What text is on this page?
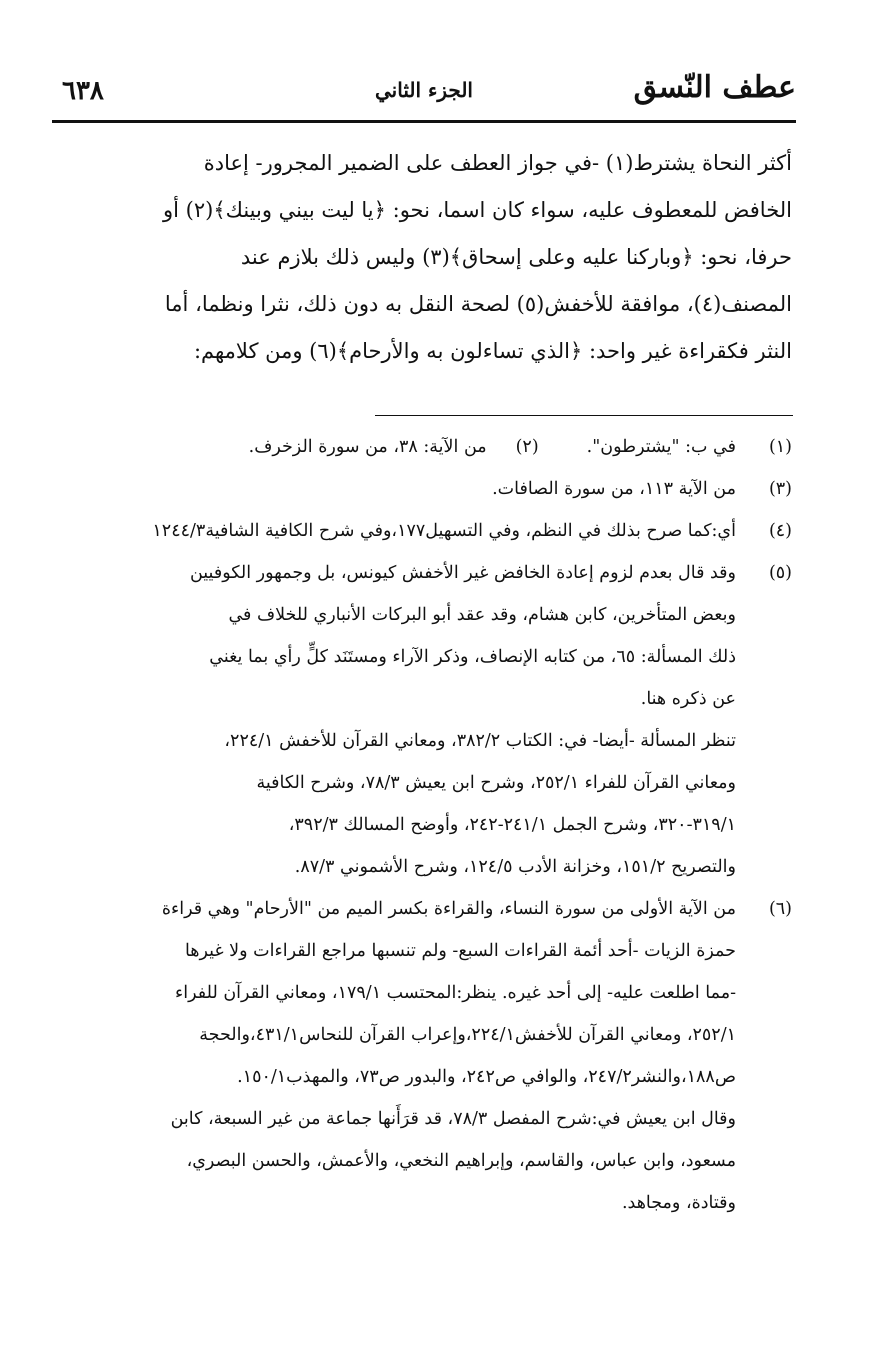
عطف النّسق
الجزء الثاني
٦٣٨

أكثر النحاة يشترط(١) -في جواز العطف على الضمير المجرور- إعادة

الخافض للمعطوف عليه، سواء كان اسما، نحو: ﴿يا ليت بيني وبينك﴾(٢) أو

حرفا، نحو: ﴿وباركنا عليه وعلى إسحاق﴾(٣) وليس ذلك بلازم عند

المصنف(٤)، موافقة للأخفش(٥) لصحة النقل به دون ذلك، نثرا ونظما، أما

النثر فكقراءة غير واحد: ﴿الذي تساءلون به والأرحام﴾(٦) ومن كلامهم:

(١)
في ب: "يشترطون".
(٢)
من الآية: ٣٨، من سورة الزخرف.
(٣)
من الآية ١١٣، من سورة الصافات.
(٤)
أي:كما صرح بذلك في النظم، وفي التسهيل١٧٧،وفي شرح الكافية الشافية١٢٤٤/٣
(٥)
وقد قال بعدم لزوم إعادة الخافض غير الأخفش كيونس، بل وجمهور الكوفيين

وبعض المتأخرين، كابن هشام، وقد عقد أبو البركات الأنباري للخلاف في

ذلك المسألة: ٦٥، من كتابه الإنصاف، وذكر الآراء ومستَنَد كلٍّ رأي بما يغني

عن ذكره هنا.

تنظر المسألة -أيضا- في: الكتاب ٣٨٢/٢، ومعاني القرآن للأخفش ٢٢٤/١،

ومعاني القرآن للفراء ٢٥٢/١، وشرح ابن يعيش ٧٨/٣، وشرح الكافية

٣١٩/١-٣٢٠، وشرح الجمل ٢٤١/١-٢٤٢، وأوضح المسالك ٣٩٢/٣،

والتصريح ١٥١/٢، وخزانة الأدب ١٢٤/٥، وشرح الأشموني ٨٧/٣.

(٦)
من الآية الأولى من سورة النساء، والقراءة بكسر الميم من "الأرحام" وهي قراءة

حمزة الزيات -أحد أئمة القراءات السبع- ولم تنسبها مراجع القراءات ولا غيرها

-مما اطلعت عليه- إلى أحد غيره. ينظر:المحتسب ١٧٩/١، ومعاني القرآن للفراء

٢٥٢/١، ومعاني القرآن للأخفش٢٢٤/١،وإعراب القرآن للنحاس٤٣١/١،والحجة

ص١٨٨،والنشر٢٤٧/٢، والوافي ص٢٤٢، والبدور ص٧٣، والمهذب١٥٠/١.

وقال ابن يعيش في:شرح المفصل ٧٨/٣، قد قرَأَنها جماعة من غير السبعة، كابن

مسعود، وابن عباس، والقاسم، وإبراهيم النخعي، والأعمش، والحسن البصري،

وقتادة، ومجاهد.
